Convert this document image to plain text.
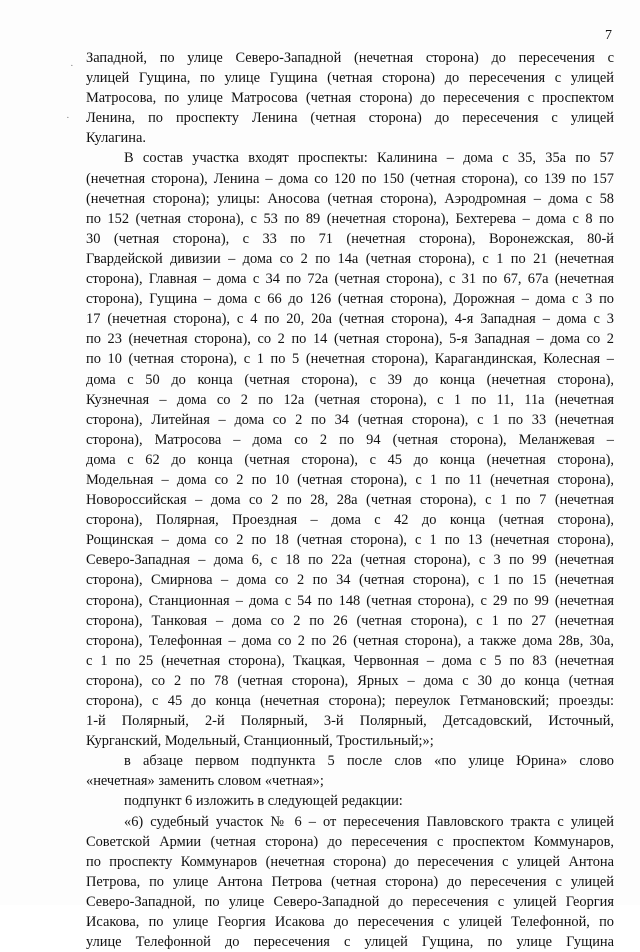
7
·
·
Западной, по улице Северо-Западной (нечетная сторона) до пересечения с
улицей Гущина, по улице Гущина (четная сторона) до пересечения с улицей
Матросова, по улице Матросова (четная сторона) до пересечения с проспектом
Ленина, по проспекту Ленина (четная сторона) до пересечения с улицей
Кулагина.
В состав участка входят проспекты: Калинина – дома с 35, 35а по 57
(нечетная сторона), Ленина – дома со 120 по 150 (четная сторона), со 139 по 157
(нечетная сторона); улицы: Аносова (четная сторона), Аэродромная – дома с 58
по 152 (четная сторона), с 53 по 89 (нечетная сторона), Бехтерева – дома с 8 по
30 (четная сторона), с 33 по 71 (нечетная сторона), Воронежская, 80-й
Гвардейской дивизии – дома со 2 по 14а (четная сторона), с 1 по 21 (нечетная
сторона), Главная – дома с 34 по 72а (четная сторона), с 31 по 67, 67а (нечетная
сторона), Гущина – дома с 66 до 126 (четная сторона), Дорожная – дома с 3 по
17 (нечетная сторона), с 4 по 20, 20а (четная сторона), 4-я Западная – дома с 3
по 23 (нечетная сторона), со 2 по 14 (четная сторона), 5-я Западная – дома со 2
по 10 (четная сторона), с 1 по 5 (нечетная сторона), Карагандинская, Колесная –
дома с 50 до конца (четная сторона), с 39 до конца (нечетная сторона),
Кузнечная – дома со 2 по 12а (четная сторона), с 1 по 11, 11а (нечетная
сторона), Литейная – дома со 2 по 34 (четная сторона), с 1 по 33 (нечетная
сторона), Матросова – дома со 2 по 94 (четная сторона), Меланжевая –
дома с 62 до конца (четная сторона), с 45 до конца (нечетная сторона),
Модельная – дома со 2 по 10 (четная сторона), с 1 по 11 (нечетная сторона),
Новороссийская – дома со 2 по 28, 28а (четная сторона), с 1 по 7 (нечетная
сторона), Полярная, Проездная – дома с 42 до конца (четная сторона),
Рощинская – дома со 2 по 18 (четная сторона), с 1 по 13 (нечетная сторона),
Северо-Западная – дома 6, с 18 по 22а (четная сторона), с 3 по 99 (нечетная
сторона), Смирнова – дома со 2 по 34 (четная сторона), с 1 по 15 (нечетная
сторона), Станционная – дома с 54 по 148 (четная сторона), с 29 по 99 (нечетная
сторона), Танковая – дома со 2 по 26 (четная сторона), с 1 по 27 (нечетная
сторона), Телефонная – дома со 2 по 26 (четная сторона), а также дома 28в, 30а,
с 1 по 25 (нечетная сторона), Ткацкая, Червонная – дома с 5 по 83 (нечетная
сторона), со 2 по 78 (четная сторона), Ярных – дома с 30 до конца (четная
сторона), с 45 до конца (нечетная сторона); переулок Гетмановский; проезды:
1-й Полярный, 2-й Полярный, 3-й Полярный, Детсадовский, Источный,
Курганский, Модельный, Станционный, Тростильный;»;
в абзаце первом подпункта 5 после слов «по улице Юрина» слово
«нечетная» заменить словом «четная»;
подпункт 6 изложить в следующей редакции:
«6) судебный участок № 6 – от пересечения Павловского тракта с улицей
Советской Армии (четная сторона) до пересечения с проспектом Коммунаров,
по проспекту Коммунаров (нечетная сторона) до пересечения с улицей Антона
Петрова, по улице Антона Петрова (четная сторона) до пересечения с улицей
Северо-Западной, по улице Северо-Западной до пересечения с улицей Георгия
Исакова, по улице Георгия Исакова до пересечения с улицей Телефонной, по
улице Телефонной до пересечения с улицей Гущина, по улице Гущина
